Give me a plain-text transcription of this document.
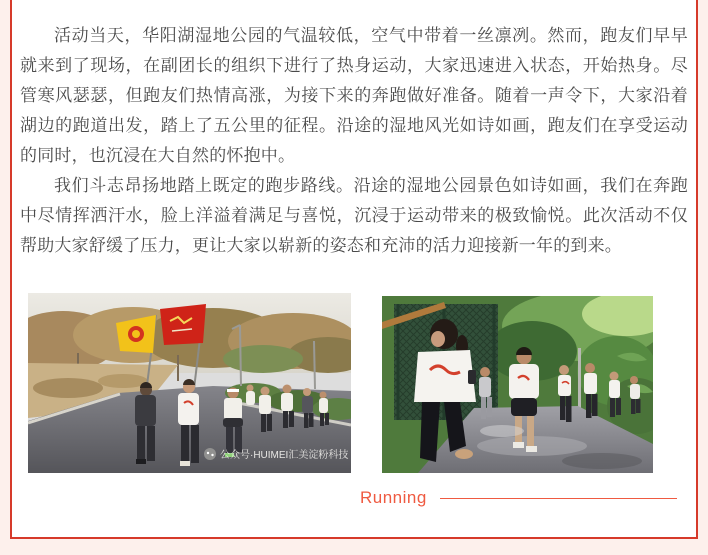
活动当天，华阳湖湿地公园的气温较低，空气中带着一丝凛冽。然而，跑友们早早就来到了现场，在副团长的组织下进行了热身运动，大家迅速进入状态，开始热身。尽管寒风瑟瑟，但跑友们热情高涨，为接下来的奔跑做好准备。随着一声令下，大家沿着湖边的跑道出发，踏上了五公里的征程。沿途的湿地风光如诗如画，跑友们在享受运动的同时，也沉浸在大自然的怀抱中。

我们斗志昂扬地踏上既定的跑步路线。沿途的湿地公园景色如诗如画，我们在奔跑中尽情挥洒汗水，脸上洋溢着满足与喜悦，沉浸于运动带来的极致愉悦。此次活动不仅帮助大家舒缓了压力，更让大家以崭新的姿态和充沛的活力迎接新一年的到来。

公众号·HUIMEI汇美淀粉科技
Running
